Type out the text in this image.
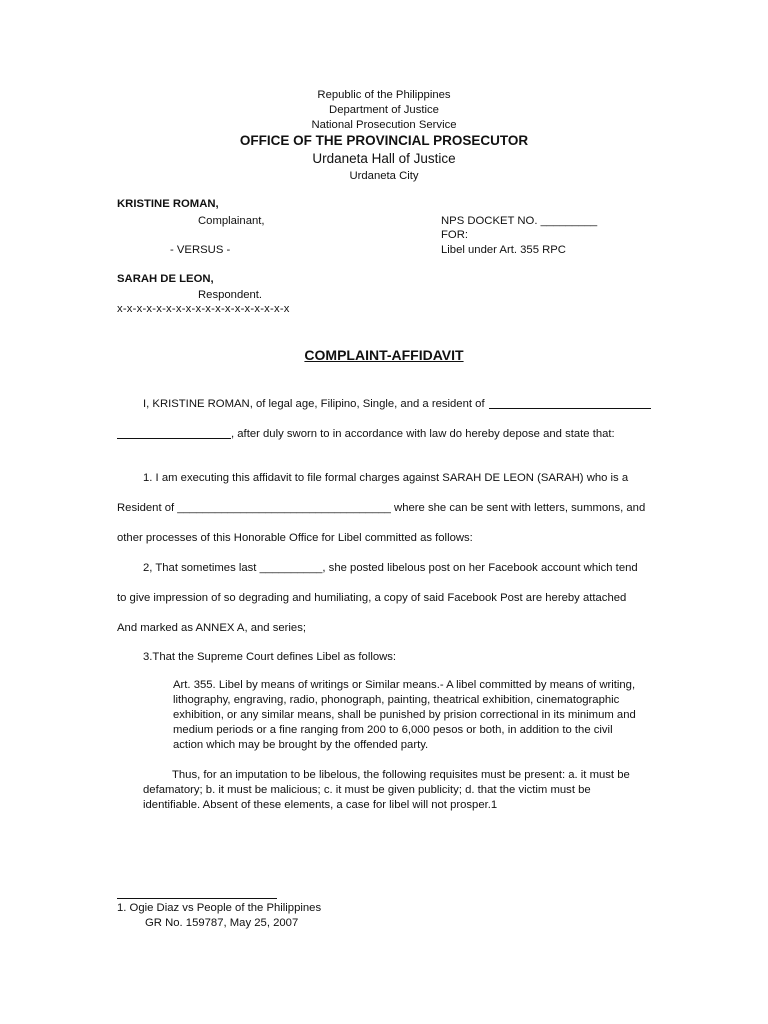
Republic of the Philippines
Department of Justice
National Prosecution Service
OFFICE OF THE PROVINCIAL PROSECUTOR
Urdaneta Hall of Justice
Urdaneta City
KRISTINE ROMAN,
Complainant,	NPS DOCKET NO. _________
FOR:
- VERSUS -	Libel under Art. 355 RPC
SARAH DE LEON,
Respondent.
x-x-x-x-x-x-x-x-x-x-x-x-x-x-x-x-x-x
COMPLAINT-AFFIDAVIT
I, KRISTINE ROMAN, of legal age, Filipino, Single, and a resident of
, after duly sworn to in accordance with law do hereby depose and state that:
1. I am executing this affidavit to file formal charges against SARAH DE LEON (SARAH) who is a
Resident of __________________________________ where she can be sent with letters, summons, and
other processes of this Honorable Office for Libel committed as follows:
2, That sometimes last __________, she posted libelous post on her Facebook account which tend
to give impression of so degrading and humiliating, a copy of said Facebook Post are hereby attached
And marked as ANNEX A, and series;
3.That the Supreme Court defines Libel as follows:
Art. 355. Libel by means of writings or Similar means.- A libel committed by means of writing, lithography, engraving, radio, phonograph, painting, theatrical exhibition, cinematographic exhibition, or any similar means, shall be punished by prision correctional in its minimum and medium periods or a fine ranging from 200 to 6,000 pesos or both, in addition to the civil action which may be brought by the offended party.
Thus, for an imputation to be libelous, the following requisites must be present: a. it must be defamatory; b. it must be malicious; c. it must be given publicity; d. that the victim must be identifiable. Absent of these elements, a case for libel will not prosper.1
1. Ogie Diaz vs People of the Philippines
GR No. 159787, May 25, 2007
